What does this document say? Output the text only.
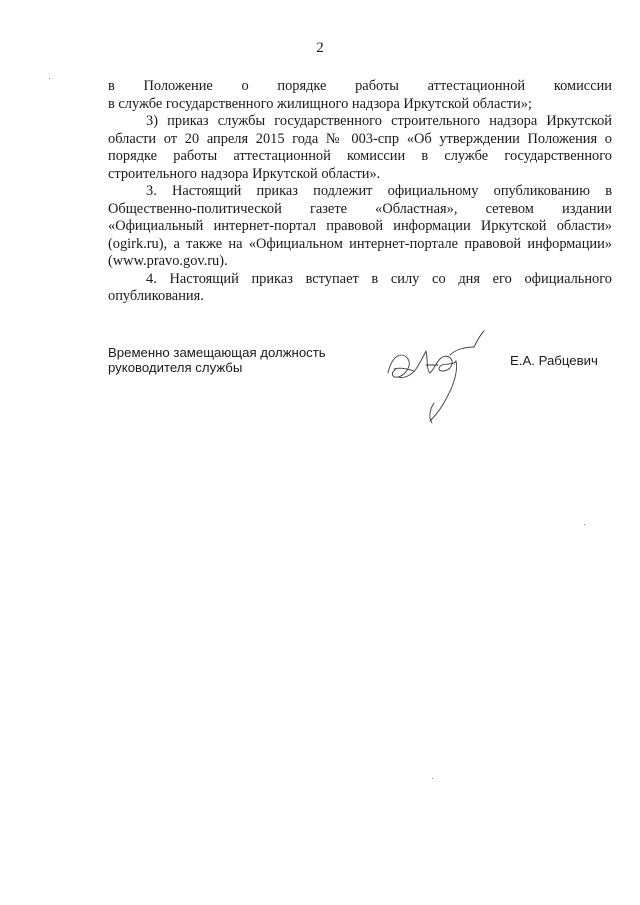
2

в Положение о порядке работы аттестационной комиссии
в службе государственного жилищного надзора Иркутской области»;

3) приказ службы государственного строительного надзора Иркутской области от 20 апреля 2015 года № 003-спр «Об утверждении Положения о порядке работы аттестационной комиссии в службе государственного строительного надзора Иркутской области».

3. Настоящий приказ подлежит официальному опубликованию в Общественно-политической газете «Областная», сетевом издании «Официальный интернет-портал правовой информации Иркутской области» (ogirk.ru), а также на «Официальном интернет-портале правовой информации» (www.pravo.gov.ru).

4. Настоящий приказ вступает в силу со дня его официального опубликования.

Временно замещающая должность
руководителя службы	Е.А. Рабцевич
